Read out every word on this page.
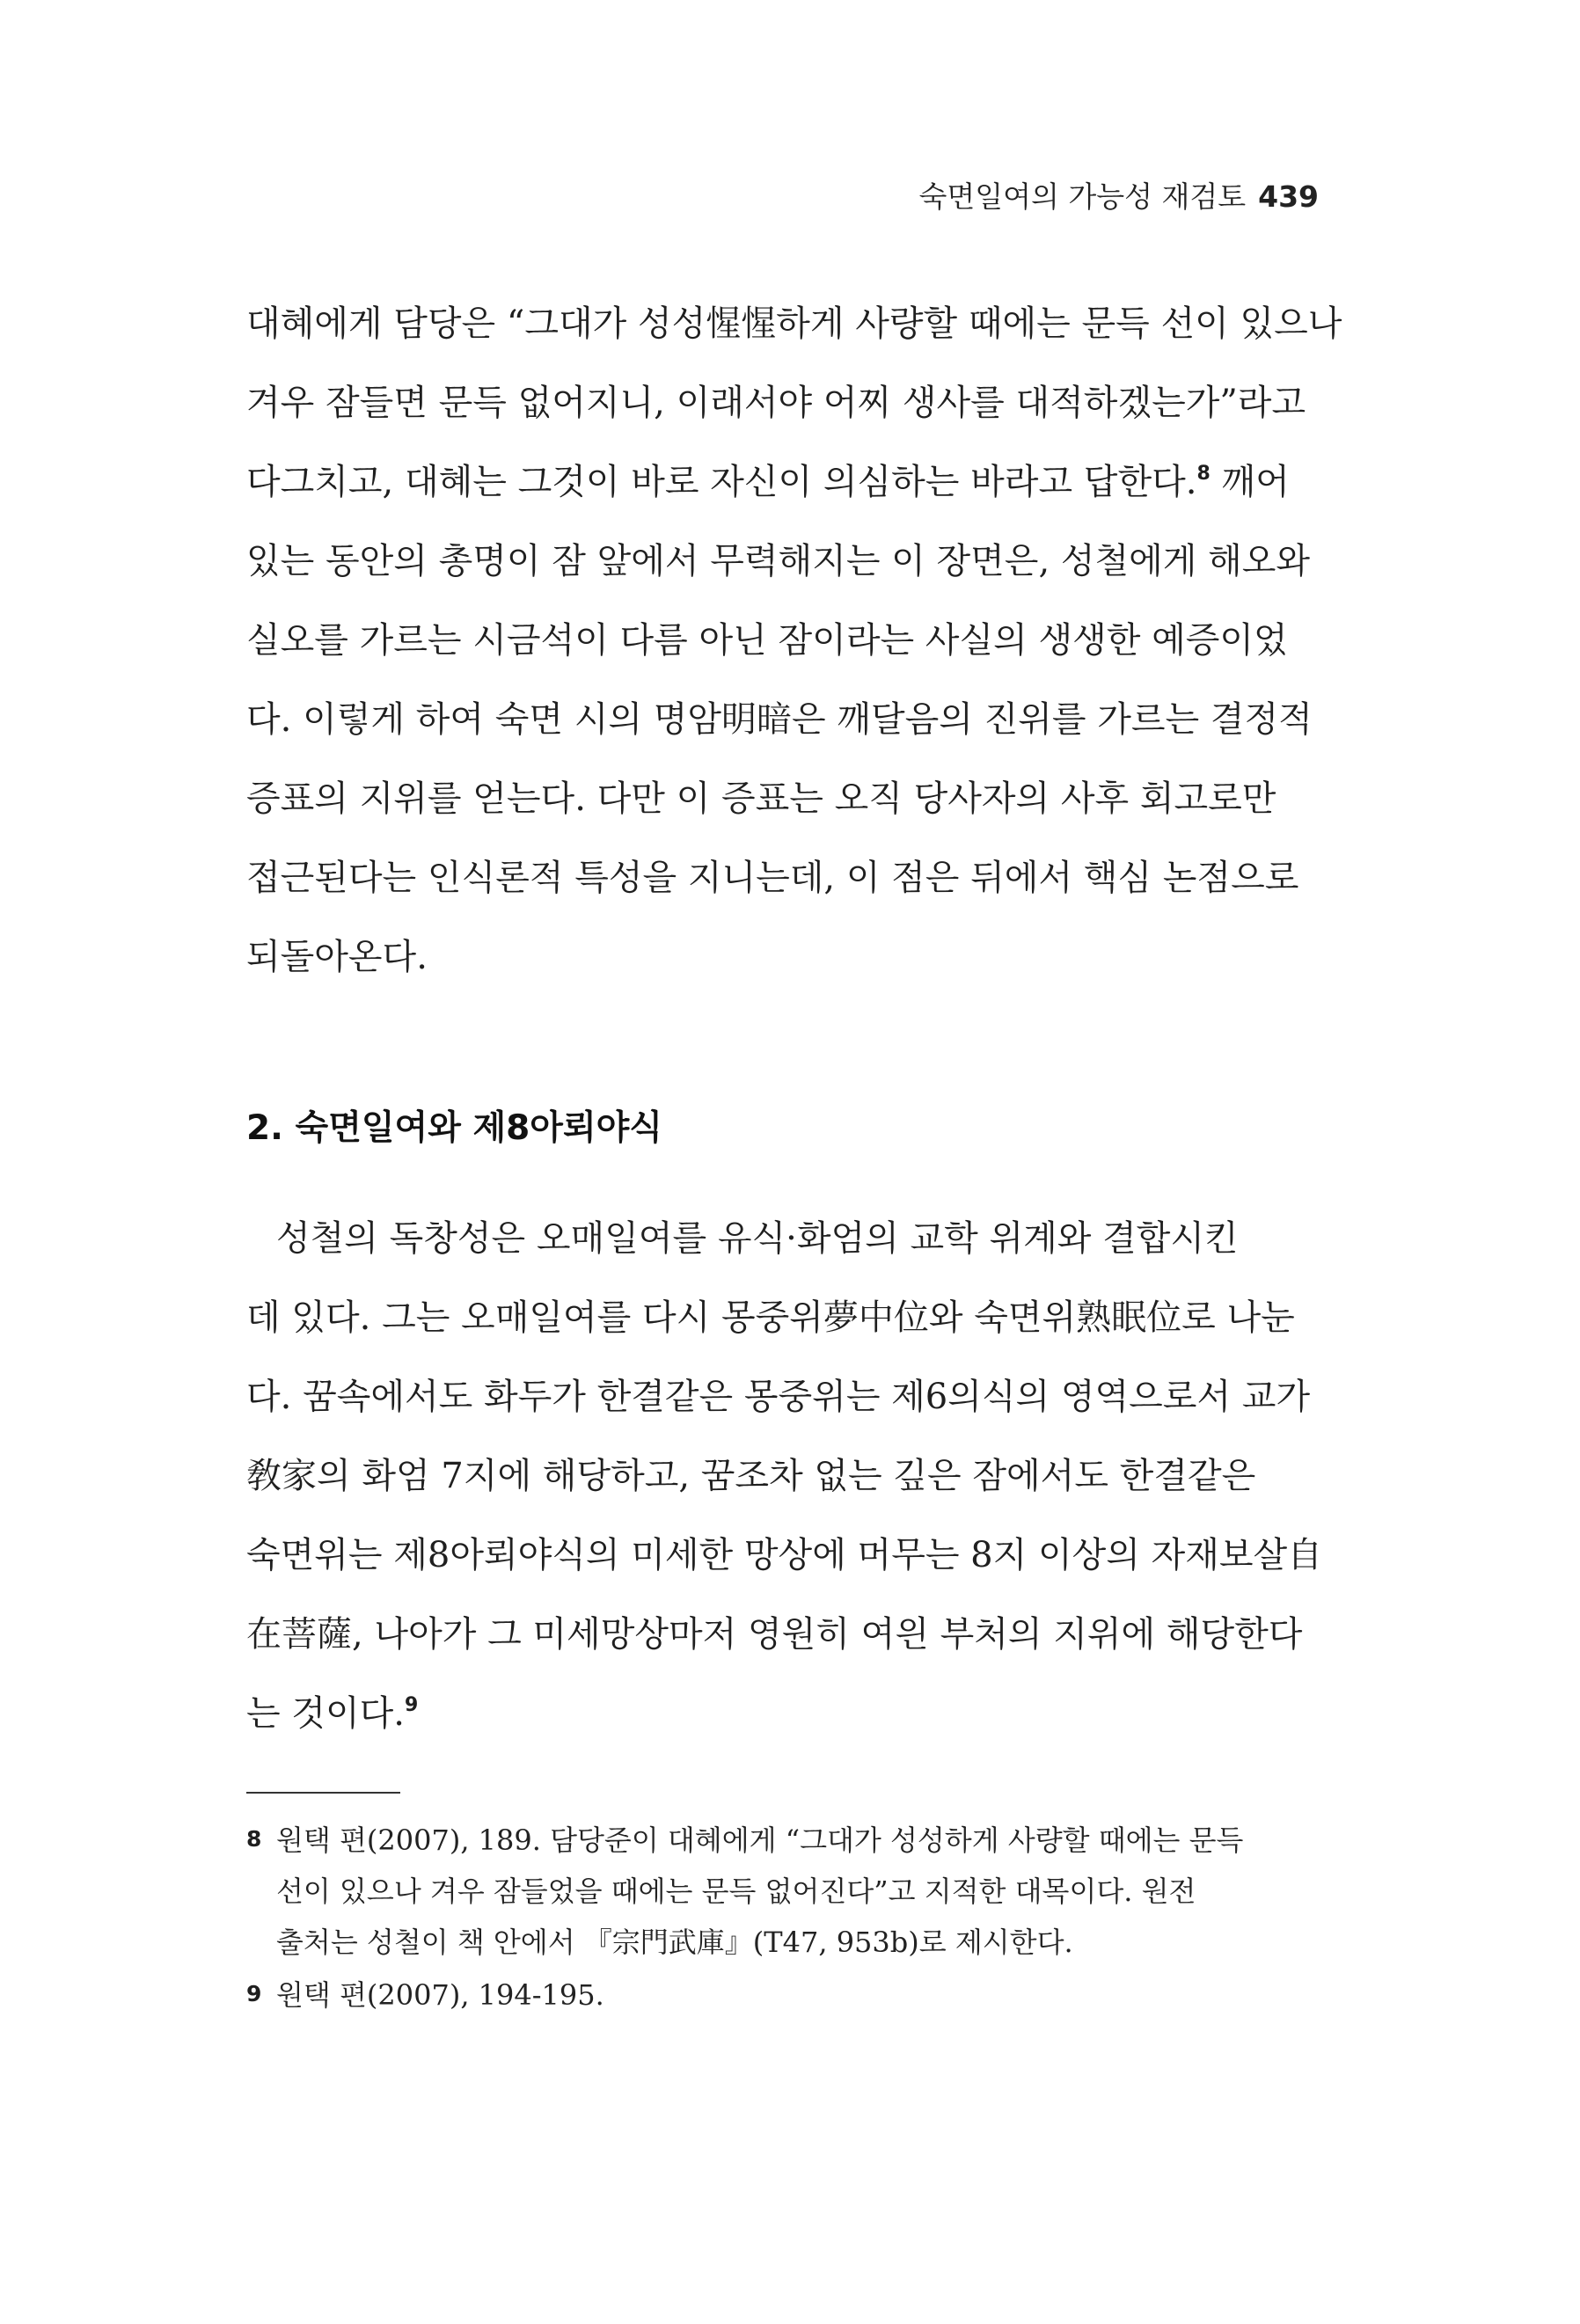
숙면일여의 가능성 재검토 439

대혜에게 담당은 “그대가 성성惺惺하게 사량할 때에는 문득 선이 있으나

겨우 잠들면 문득 없어지니, 이래서야 어찌 생사를 대적하겠는가”라고

다그치고, 대혜는 그것이 바로 자신이 의심하는 바라고 답한다.$^8$ 깨어

있는 동안의 총명이 잠 앞에서 무력해지는 이 장면은, 성철에게 해오와

실오를 가르는 시금석이 다름 아닌 잠이라는 사실의 생생한 예증이었

다. 이렇게 하여 숙면 시의 명암明暗은 깨달음의 진위를 가르는 결정적

증표의 지위를 얻는다. 다만 이 증표는 오직 당사자의 사후 회고로만

접근된다는 인식론적 특성을 지니는데, 이 점은 뒤에서 핵심 논점으로

되돌아온다.

2. 숙면일여와 제8아뢰야식

성철의 독창성은 오매일여를 유식·화엄의 교학 위계와 결합시킨

데 있다. 그는 오매일여를 다시 몽중위夢中位와 숙면위熟眠位로 나눈

다. 꿈속에서도 화두가 한결같은 몽중위는 제6의식의 영역으로서 교가

敎家의 화엄 7지에 해당하고, 꿈조차 없는 깊은 잠에서도 한결같은

숙면위는 제8아뢰야식의 미세한 망상에 머무는 8지 이상의 자재보살自

在菩薩, 나아가 그 미세망상마저 영원히 여읜 부처의 지위에 해당한다

는 것이다.$^9$

8 원택 편(2007), 189. 담당준이 대혜에게 “그대가 성성하게 사량할 때에는 문득
선이 있으나 겨우 잠들었을 때에는 문득 없어진다”고 지적한 대목이다. 원전
출처는 성철이 책 안에서 『宗門武庫』(T47, 953b)로 제시한다.
9 원택 편(2007), 194-195.
